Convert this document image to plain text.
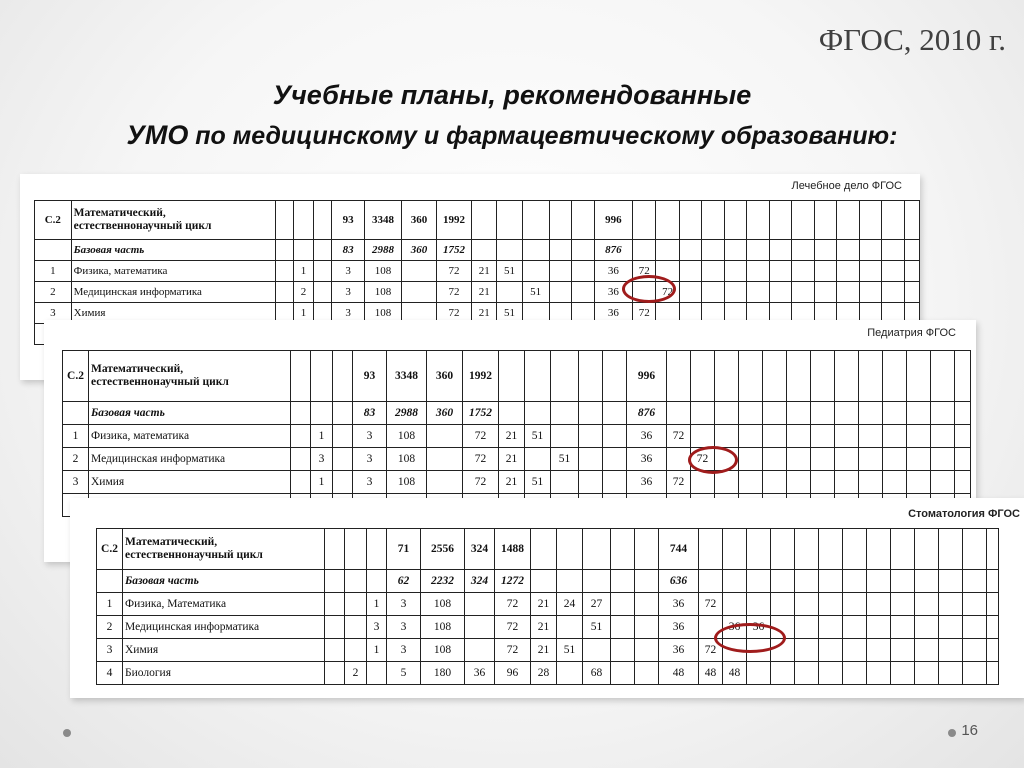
ФГОС, 2010 г.
Учебные планы, рекомендованные
УМО по медицинскому и фармацевтическому образованию:
Лечебное дело ФГОС
С.2	Математический, естественнонаучный цикл				93	3348	360	1992						996													
	Базовая часть				83	2988	360	1752						876													
1	Физика, математика		1		3	108		72	21	51				36	72												
2	Медицинская информатика		2		3	108		72	21		51			36		72											
3	Химия		1		3	108		72	21	51				36	72												

Педиатрия ФГОС
С.2	Математический, естественнонаучный цикл				93	3348	360	1992						996													
	Базовая часть				83	2988	360	1752						876													
1	Физика, математика		1		3	108		72	21	51				36	72												
2	Медицинская информатика		3		3	108		72	21		51			36		72											
3	Химия		1		3	108		72	21	51				36	72												

Стоматология ФГОС
С.2	Математический, естественнонаучный цикл				71	2556	324	1488						744													
	Базовая часть				62	2232	324	1272						636													
1	Физика, Математика			1	3	108		72	21	24	27			36	72												
2	Медицинская информатика			3	3	108		72	21		51			36		36	36										
3	Химия			1	3	108		72	21	51				36	72												
4	Биология		2		5	180	36	96	28		68			48	48	48											
16
